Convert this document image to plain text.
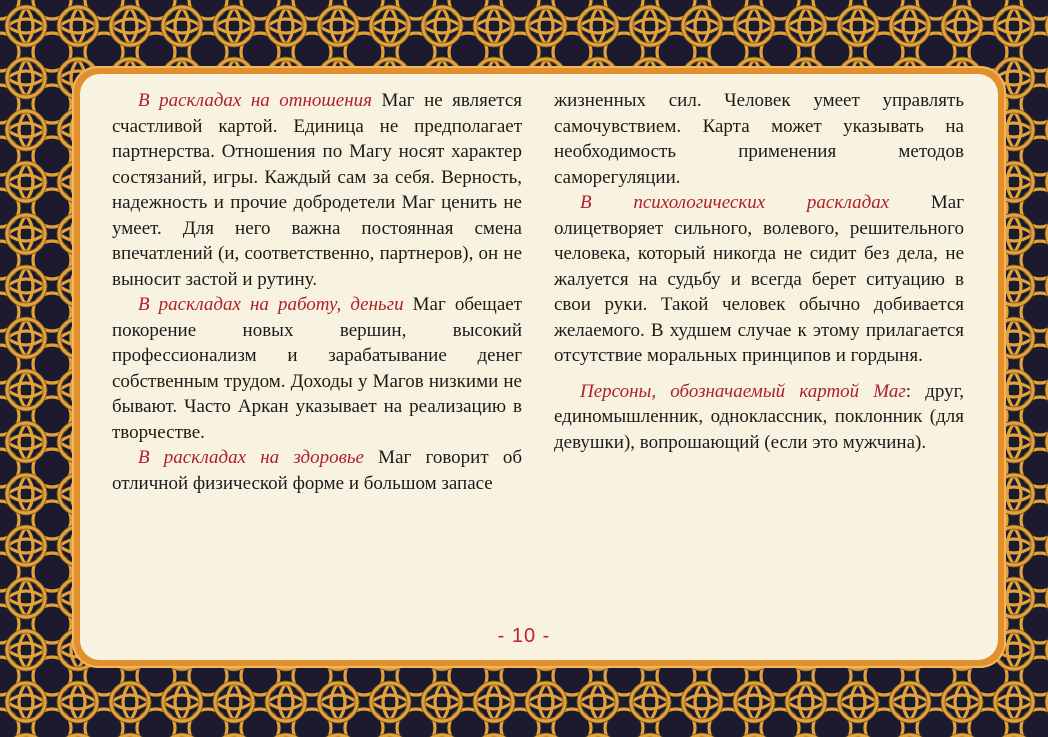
В раскладах на отношения Маг не является счастливой картой. Единица не предполагает партнерства. Отношения по Магу носят характер состязаний, игры. Каждый сам за себя. Верность, надежность и прочие добродетели Маг ценить не умеет. Для него важна постоянная смена впечатлений (и, соответственно, партнеров), он не выносит застой и рутину.

В раскладах на работу, деньги Маг обещает покорение новых вершин, высокий профессионализм и зарабатывание денег собственным трудом. Доходы у Магов низкими не бывают. Часто Аркан указывает на реализацию в творчестве.

В раскладах на здоровье Маг говорит об отличной физической форме и большом запасе

жизненных сил. Человек умеет управлять самочувствием. Карта может указывать на необходимость применения методов саморегуляции.

В психологических раскладах Маг олицетворяет сильного, волевого, решительного человека, который никогда не сидит без дела, не жалуется на судьбу и всегда берет ситуацию в свои руки. Такой человек обычно добивается желаемого. В худшем случае к этому прилагается отсутствие моральных принципов и гордыня.

Персоны, обозначаемый картой Маг: друг, единомышленник, одноклассник, поклонник (для девушки), вопрошающий (если это мужчина).

- 10 -
